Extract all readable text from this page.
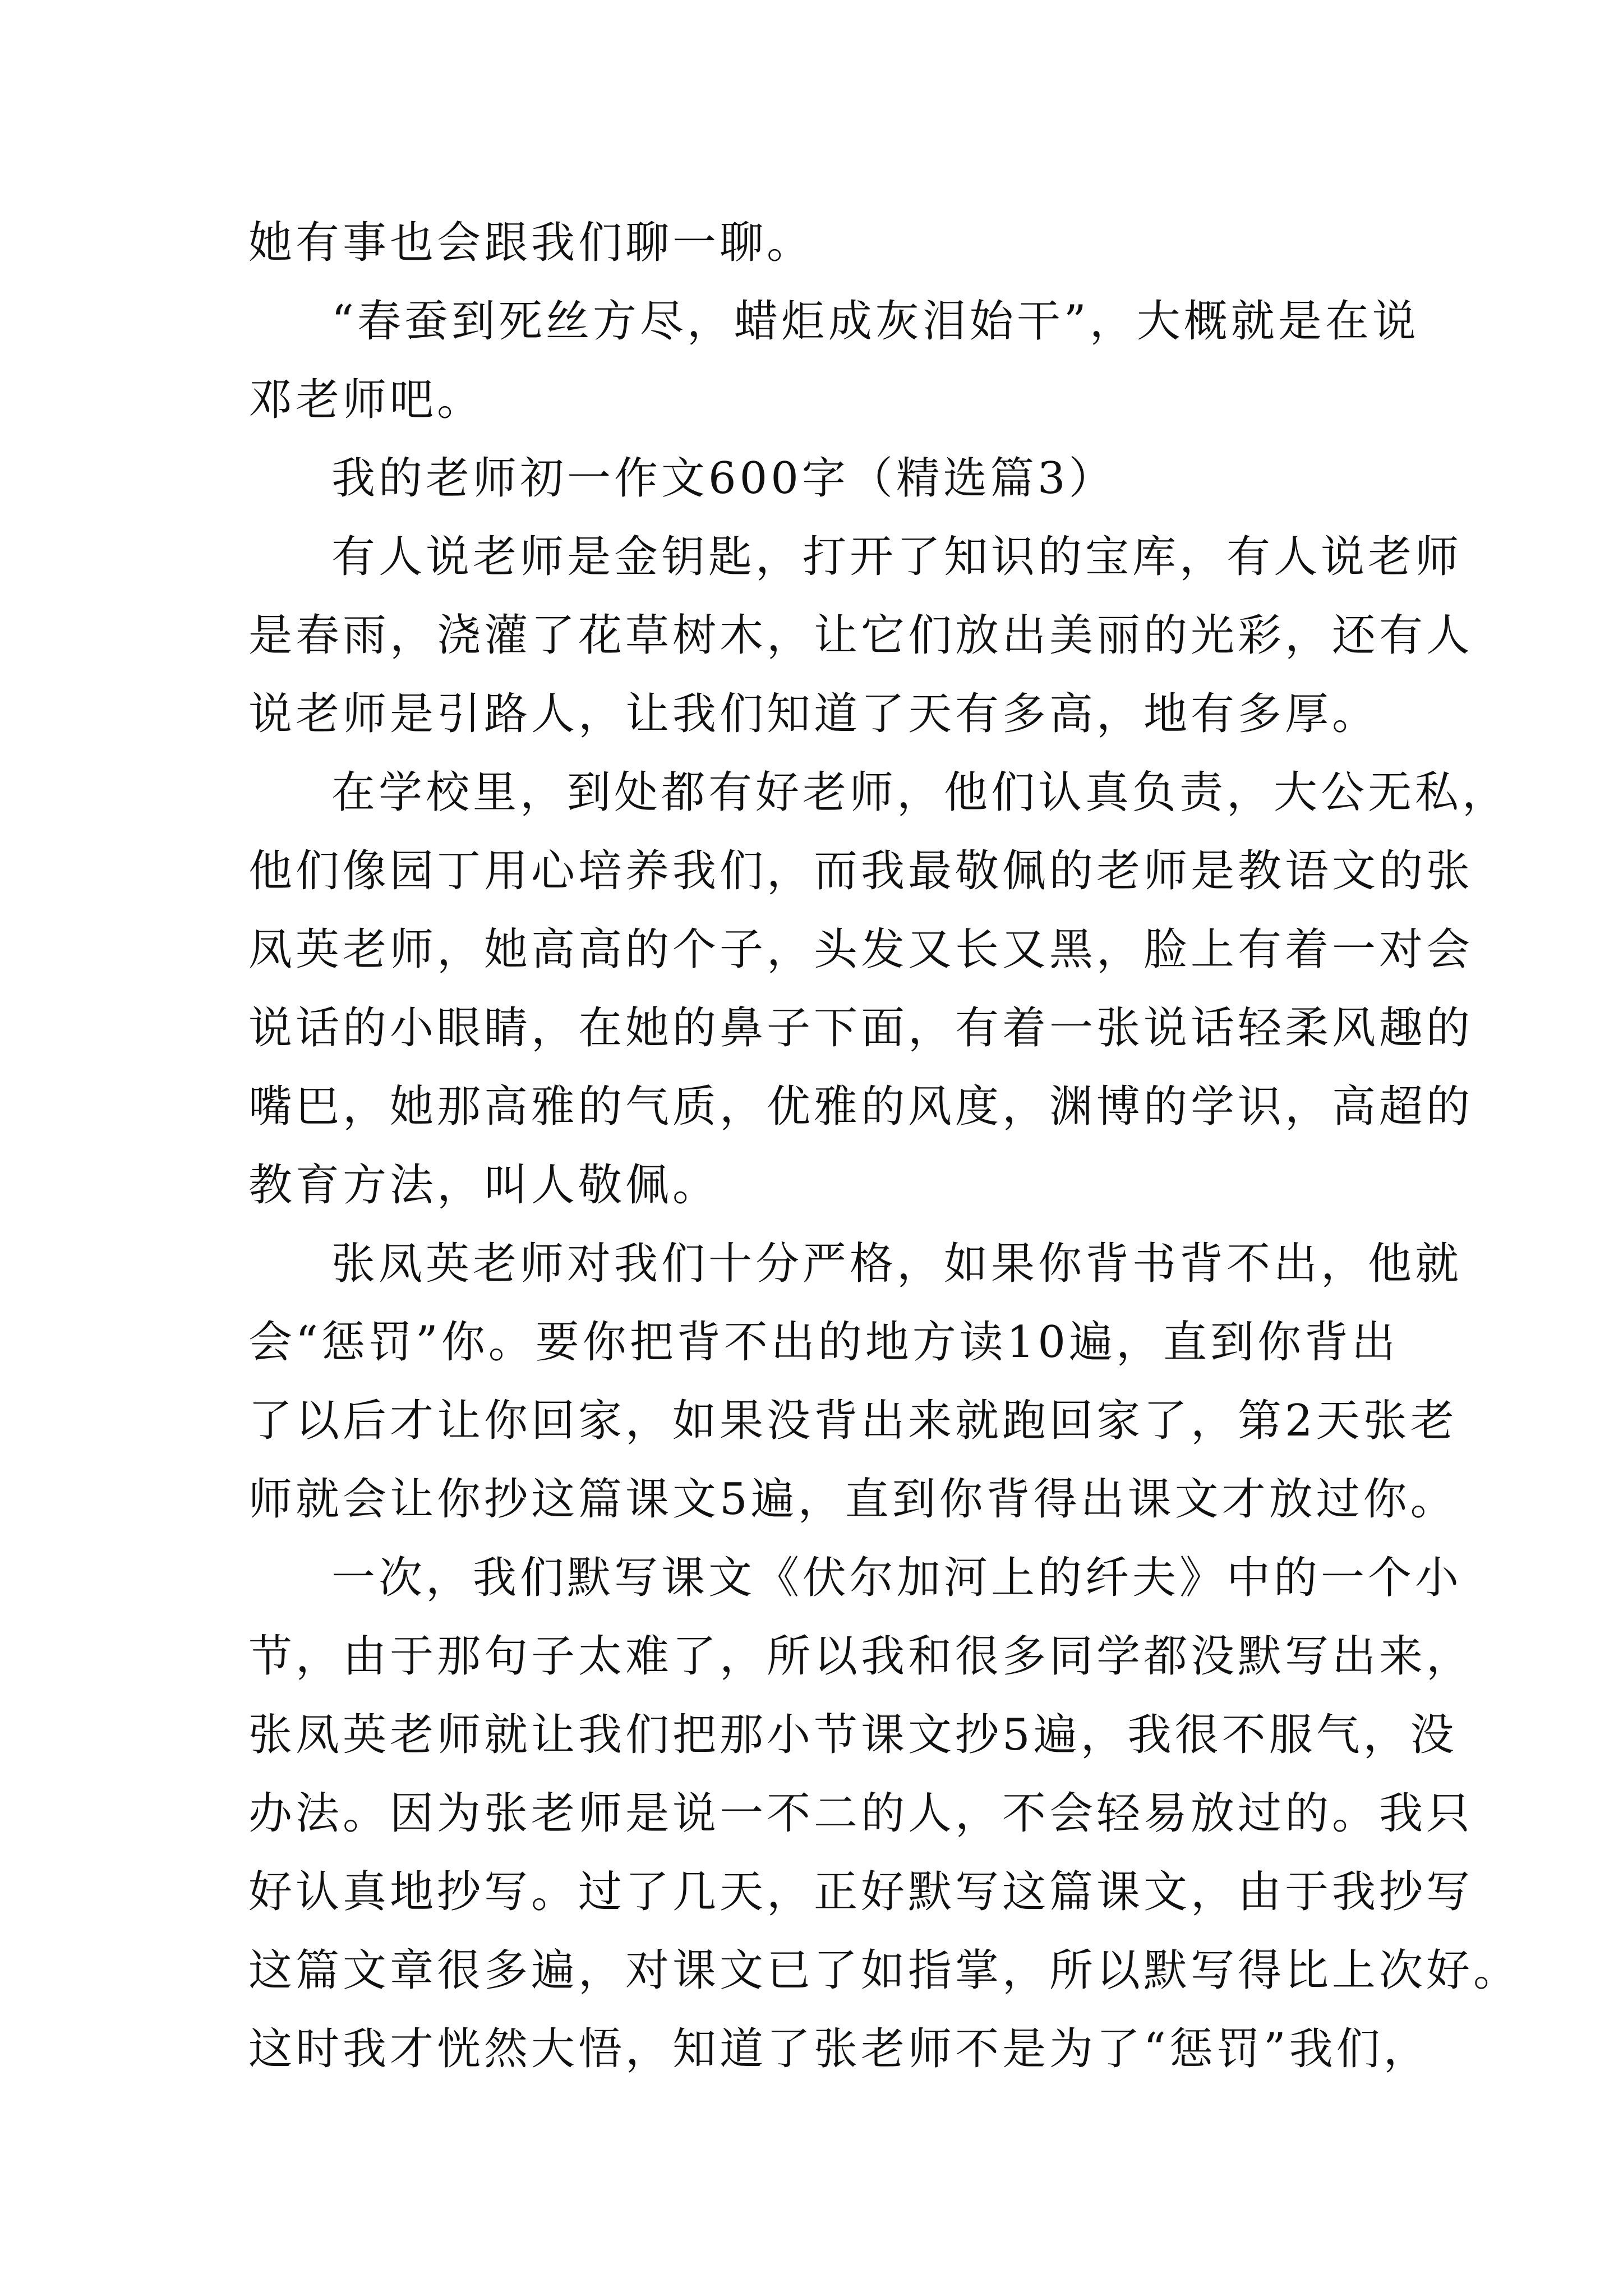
她有事也会跟我们聊一聊。
“春蚕到死丝方尽，蜡炬成灰泪始干”，大概就是在说
邓老师吧。
我的老师初一作文600字（精选篇3）
有人说老师是金钥匙，打开了知识的宝库，有人说老师
是春雨，浇灌了花草树木，让它们放出美丽的光彩，还有人
说老师是引路人，让我们知道了天有多高，地有多厚。
在学校里，到处都有好老师，他们认真负责，大公无私，
他们像园丁用心培养我们，而我最敬佩的老师是教语文的张
凤英老师，她高高的个子，头发又长又黑，脸上有着一对会
说话的小眼睛，在她的鼻子下面，有着一张说话轻柔风趣的
嘴巴，她那高雅的气质，优雅的风度，渊博的学识，高超的
教育方法，叫人敬佩。
张凤英老师对我们十分严格，如果你背书背不出，他就
会“惩罚”你。要你把背不出的地方读10遍，直到你背出
了以后才让你回家，如果没背出来就跑回家了，第2天张老
师就会让你抄这篇课文5遍，直到你背得出课文才放过你。
一次，我们默写课文《伏尔加河上的纤夫》中的一个小
节，由于那句子太难了，所以我和很多同学都没默写出来，
张凤英老师就让我们把那小节课文抄5遍，我很不服气，没
办法。因为张老师是说一不二的人，不会轻易放过的。我只
好认真地抄写。过了几天，正好默写这篇课文，由于我抄写
这篇文章很多遍，对课文已了如指掌，所以默写得比上次好。
这时我才恍然大悟，知道了张老师不是为了“惩罚”我们，
